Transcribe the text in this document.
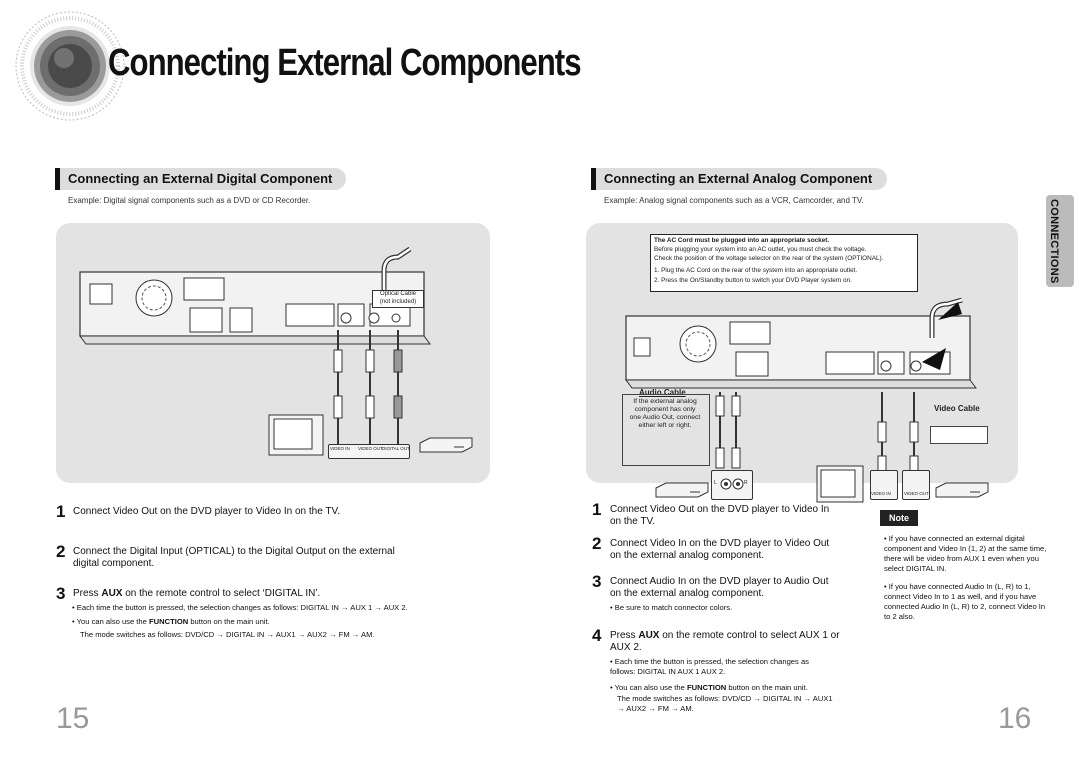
Connecting External Components
Connecting an External Digital Component
Example: Digital signal components such as a DVD or CD Recorder.
Optical Cable
(not included)
VIDEO IN VIDEO OUT DIGITAL OUT
1 Connect Video Out on the DVD player to Video In on the TV.
2 Connect the Digital Input (OPTICAL) to the Digital Output on the external digital component.
3 Press AUX on the remote control to select ‘DIGITAL IN’.
• Each time the button is pressed, the selection changes as follows: DIGITAL IN → AUX 1 → AUX 2.
• You can also use the FUNCTION button on the main unit.
The mode switches as follows: DVD/CD → DIGITAL IN → AUX1 → AUX2 → FM → AM.
15
Connecting an External Analog Component
Example: Analog signal components such as a VCR, Camcorder, and TV.	CONNECTIONS
The AC Cord must be plugged into an appropriate socket.
Before plugging your system into an AC outlet, you must check the voltage.
Check the position of the voltage selector on the rear of the system (OPTIONAL).
1. Plug the AC Cord on the rear of the system into an appropriate outlet.
2. Press the On/Standby button to switch your DVD Player system on.
Audio Cable
If the external analog component has only one Audio Out, connect either left or right.
Video Cable
L	R
VIDEO IN	VIDEO OUT
1 Connect Video Out on the DVD player to Video In on the TV.
2 Connect Video In on the DVD player to Video Out on the external analog component.
3 Connect Audio In on the DVD player to Audio Out on the external analog component.
• Be sure to match connector colors.
4 Press AUX on the remote control to select AUX 1 or AUX 2.
• Each time the button is pressed, the selection changes as follows: DIGITAL IN AUX 1 AUX 2.
• You can also use the FUNCTION button on the main unit.
The mode switches as follows: DVD/CD → DIGITAL IN → AUX1 → AUX2 → FM → AM.
Note
• If you have connected an external digital component and Video In (1, 2) at the same time, there will be video from AUX 1 even when you select DIGITAL IN.
• If you have connected Audio In (L, R) to 1, connect Video In to 1 as well, and if you have connected Audio In (L, R) to 2, connect Video In to 2 also.
16
